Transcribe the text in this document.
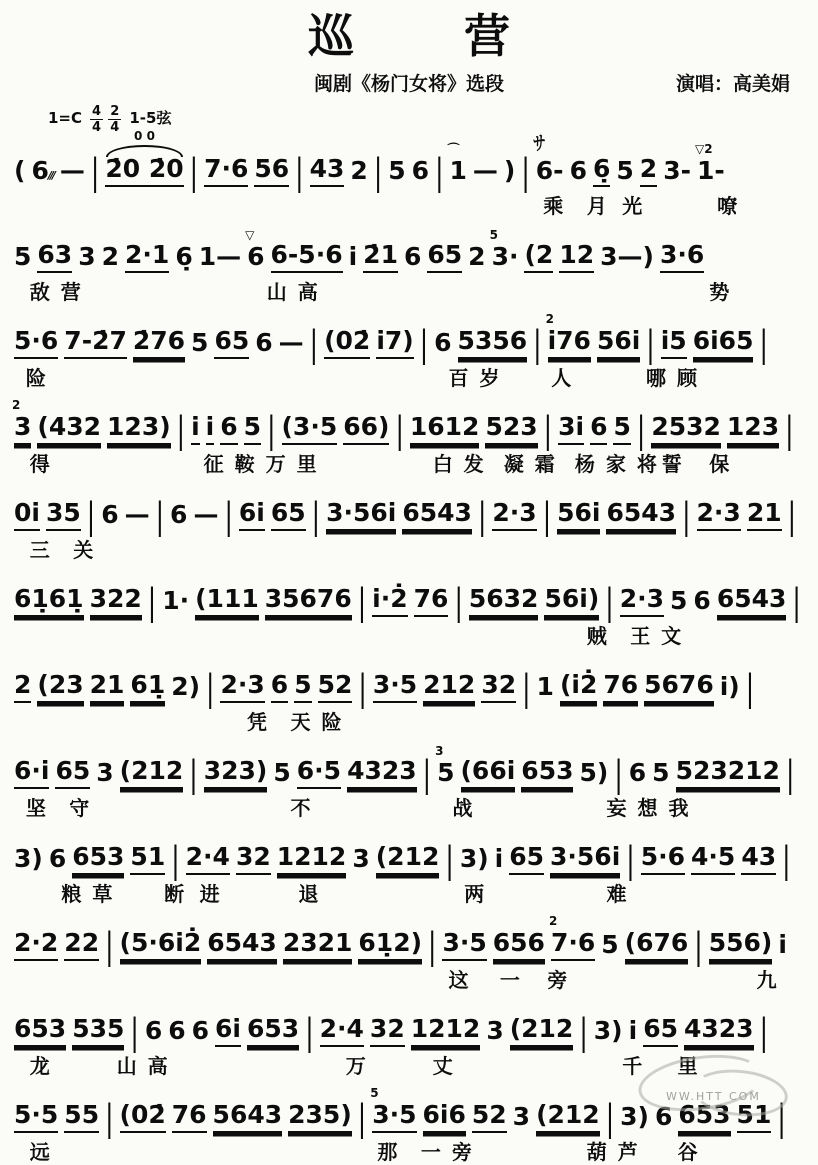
巡营
闽剧《杨门女将》选段	演唱：高美娟
$1=C \frac{4}{4}$
$\frac{2}{4} 1-5$弦
( 6/// — | 2̇0 2̇0
0 0
| 7·6 56 | 43 2 | 5 6 | 1
⌒
— ) |
サ
6- 6 6̣ 5 2 3- 1-
▽2
乘 月 光	嘹
5 63 3 2 2·1 6̣ 1— 6
▽
6-5·6 i 2̇1 6 65 2 3·
5
(2 12 3—) 3·6
敌营	山高	势
5·6 7-2̇7 2̇76 5 65 6 — | (02̇ i7) | 6 5356 | i76
2
56i | i5 6i65 |
险	百岁 人	哪顾
3
2
(432 123) | i i 6 5 | (3·5 66) | 1612 523 | 3i 6 5 | 2532 123 |
得	征鞍万里	白发 凝霜 杨家将
誓 保
0i 35 | 6 — | 6 — | 6i 65 | 3·56i 6543 | 2·3 | 56i 6543 | 2·3 21 |
三 关
61̣61̣ 322 | 1· (111 35676 | i·2̇ 76 | 5632 56i) | 2·3 5 6 6543 |
贼 王文
2 (23 21 61̣ 2) | 2·3 6 5 52 | 3·5 212 32 | 1 (i2̇ 76 5676 i) |
凭 天险
6·i 65 3 (212 | 323) 5 6·5 4323 | 5
3
(66i 653 5) | 6 5 523212 |
坚 守	不	战	妄想我
3) 6 653 51 | 2·4 32 1212 3 (212 | 3) i 65 3·56i | 5·6 4·5 43 |
粮草 断 进	退	两	难
2·2 22 | (5·6i2̇ 6543 2321 61̣2) | 3·5 656 7·6
2
5 (676 | 556) i
这 一 旁	九
653 535 | 6 6 6 6i 653 | 2·4 32 1212 3 (212 | 3) i 65 4323 |
龙	山高	万	丈	千 里
5·5 55 | (02̇ 76 5643 235) | 3·5
5
6i6 52 3 (212 | 3) 6 653 51 |
远	那 一旁	葫芦 谷
WW.HTT COM
